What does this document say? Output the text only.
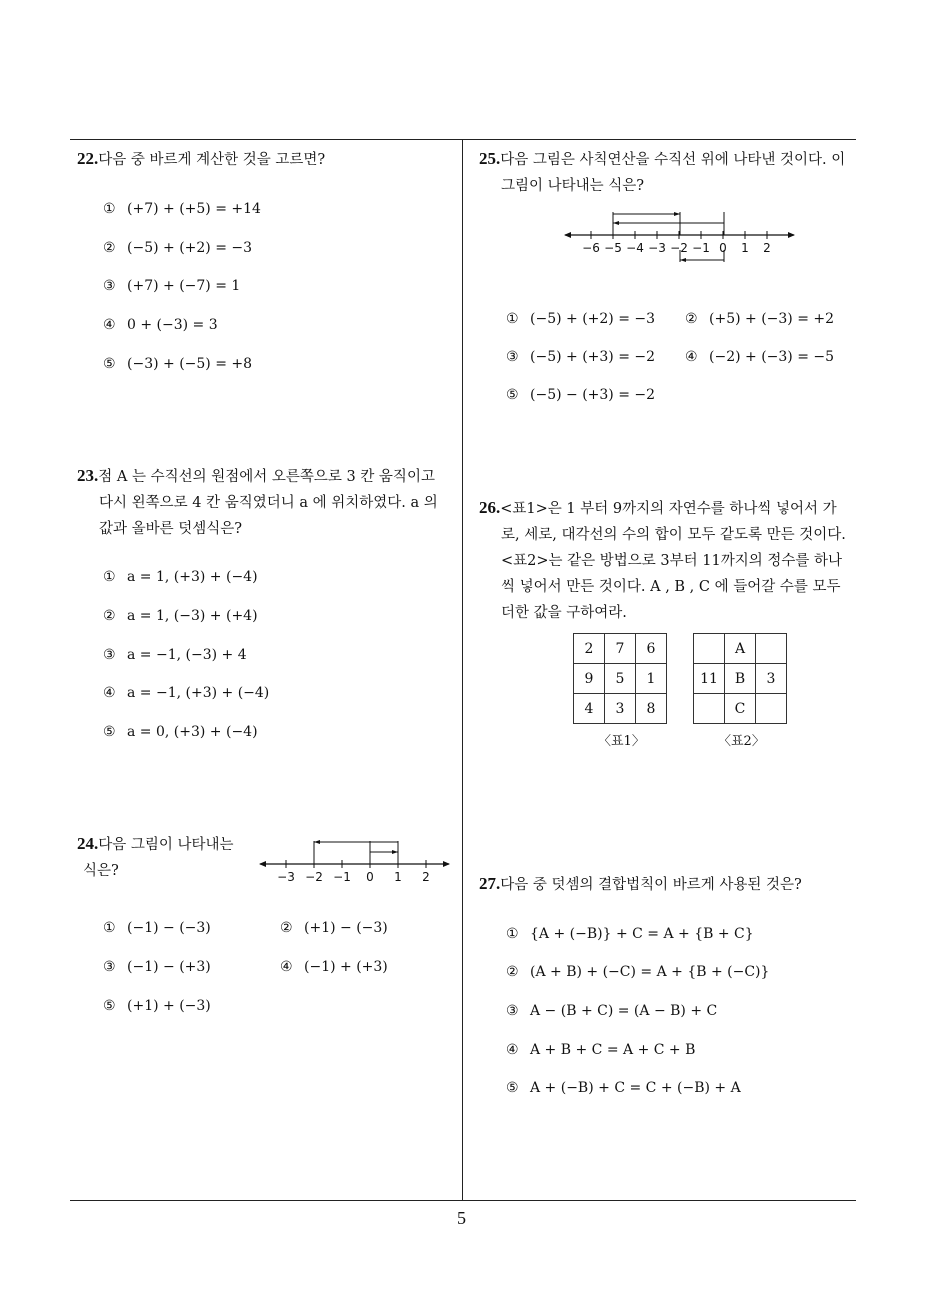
22.다음 중 바르게 계산한 것을 고르면?
① (+7) + (+5) = +14
② (−5) + (+2) = −3
③ (+7) + (−7) = 1
④ 0 + (−3) = 3
⑤ (−3) + (−5) = +8
23.점 A 는 수직선의 원점에서 오른쪽으로 3 칸 움직이고
다시 왼쪽으로 4 칸 움직였더니 a 에 위치하였다. a 의
값과 올바른 덧셈식은?
① a = 1, (+3) + (−4)
② a = 1, (−3) + (+4)
③ a = −1, (−3) + 4
④ a = −1, (+3) + (−4)
⑤ a = 0, (+3) + (−4)
24.다음 그림이 나타내는
식은?	−3 −2 −1 0 1 2
① (−1) − (−3)	② (+1) − (−3)
③ (−1) − (+3)	④ (−1) + (+3)
⑤ (+1) + (−3)
25.다음 그림은 사칙연산을 수직선 위에 나타낸 것이다. 이
그림이 나타내는 식은?
−6 −5 −4 −3 −2 −1 0 1 2
① (−5) + (+2) = −3 ② (+5) + (−3) = +2
③ (−5) + (+3) = −2 ④ (−2) + (−3) = −5
⑤ (−5) − (+3) = −2
26.<표1>은 1 부터 9까지의 자연수를 하나씩 넣어서 가
로, 세로, 대각선의 수의 합이 모두 같도록 만든 것이다.
<표2>는 같은 방법으로 3부터 11까지의 정수를 하나
씩 넣어서 만든 것이다. A , B , C 에 들어갈 수를 모두
더한 값을 구하여라.
2	7	6
9	5	1
4	3	8
	A	
11	B	3
	C	
〈표1〉	〈표2〉
27.다음 중 덧셈의 결합법칙이 바르게 사용된 것은?
① {A + (−B)} + C = A + {B + C}
② (A + B) + (−C) = A + {B + (−C)}
③ A − (B + C) = (A − B) + C
④ A + B + C = A + C + B
⑤ A + (−B) + C = C + (−B) + A
5
